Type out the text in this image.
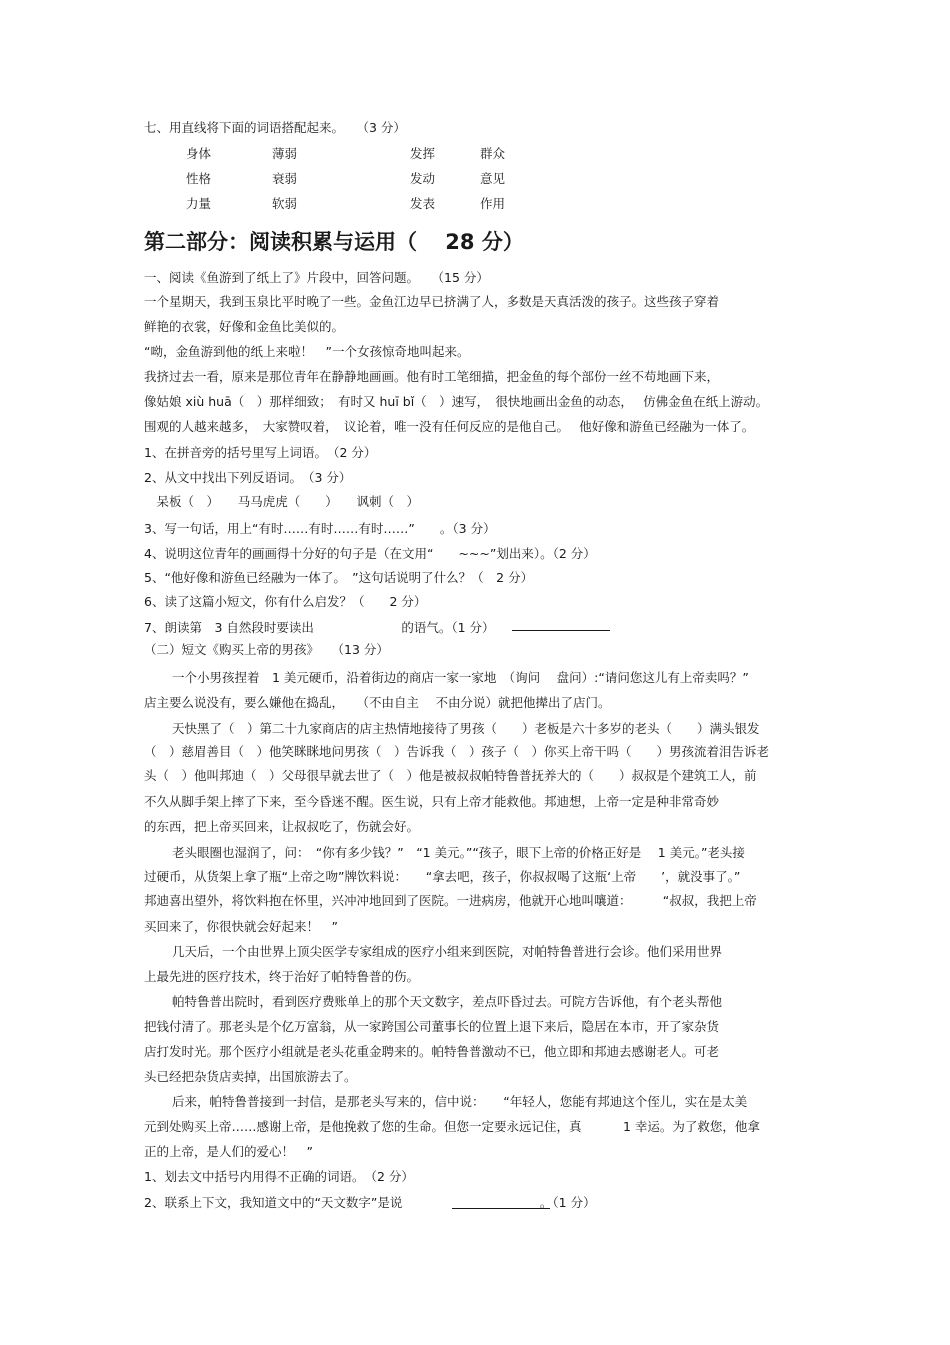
七、用直线将下面的词语搭配起来。　　（3 分）
身体	薄弱	发挥	群众
性格	衰弱	发动	意见
力量	软弱	发表	作用
第二部分：阅读积累与运用（　 28 分）
一、阅读《鱼游到了纸上了》片段中，回答问题。　　（15 分）
一个星期天，我到玉泉比平时晚了一些。金鱼江边早已挤满了人，多数是天真活泼的孩子。这些孩子穿着
鲜艳的衣裳，好像和金鱼比美似的。
“呦，金鱼游到他的纸上来啦！　”一个女孩惊奇地叫起来。
我挤过去一看，原来是那位青年在静静地画画。他有时工笔细描，把金鱼的每个部份一丝不苟地画下来，
像姑娘 xiù huā（　）那样细致；　有时又 huī bǐ（　）速写，　很快地画出金鱼的动态，　 仿佛金鱼在纸上游动。
围观的人越来越多，　大家赞叹着，　议论着，唯一没有任何反应的是他自己。　 他好像和游鱼已经融为一体了。
1、在拼音旁的括号里写上词语。　（2 分）
2、从文中找出下列反语词。　（3 分）
　呆板（　）　　马马虎虎（　　）　　讽刺（　）
3、写一句话，用上“有时……有时……有时……”　　。（3 分）
4、说明这位青年的画画得十分好的句子是（在文用“　　~~~”划出来）。（2 分）
5、“他好像和游鱼已经融为一体了。　”这句话说明了什么？（　2 分）
6、读了这篇小短文，你有什么启发？（　　2 分）
7、朗读第　3 自然段时要读出　　　　　　　的语气。（1 分）
（二）短文《购买上帝的男孩》　　（13 分）
一个小男孩捏着　1 美元硬币，沿着街边的商店一家一家地　（询问　 盘问）:“请问您这儿有上帝卖吗？”
店主要么说没有，要么嫌他在捣乱，　　（不由自主　 不由分说）就把他撵出了店门。
天快黑了（　）第二十九家商店的店主热情地接待了男孩（　　）老板是六十多岁的老头（　　）满头银发
（　）慈眉善目（　）他笑眯眯地问男孩（　）告诉我（　）孩子（　）你买上帝干吗（　　）男孩流着泪告诉老
头（　）他叫邦迪（　）父母很早就去世了（　）他是被叔叔帕特鲁普抚养大的（　　）叔叔是个建筑工人，前
不久从脚手架上摔了下来，至今昏迷不醒。医生说，只有上帝才能救他。邦迪想，上帝一定是种非常奇妙
的东西，把上帝买回来，让叔叔吃了，伤就会好。
老头眼圈也湿润了，问：　“你有多少钱？”　“1 美元。”“孩子，眼下上帝的价格正好是　 1 美元。”老头接
过硬币，从货架上拿了瓶“上帝之吻”牌饮料说：　　“拿去吧，孩子，你叔叔喝了这瓶‘上帝　　’，就没事了。”
邦迪喜出望外，将饮料抱在怀里，兴冲冲地回到了医院。一进病房，他就开心地叫嚷道：　　　“叔叔，我把上帝
买回来了，你很快就会好起来！　”
几天后，一个由世界上顶尖医学专家组成的医疗小组来到医院，对帕特鲁普进行会诊。他们采用世界
上最先进的医疗技术，终于治好了帕特鲁普的伤。
帕特鲁普出院时，看到医疗费账单上的那个天文数字，差点吓昏过去。可院方告诉他，有个老头帮他
把钱付清了。那老头是个亿万富翁，从一家跨国公司董事长的位置上退下来后，隐居在本市，开了家杂货
店打发时光。那个医疗小组就是老头花重金聘来的。帕特鲁普激动不已，他立即和邦迪去感谢老人。可老
头已经把杂货店卖掉，出国旅游去了。
后来，帕特鲁普接到一封信，是那老头写来的，信中说：　　“年轻人，您能有邦迪这个侄儿，实在是太美
元到处购买上帝……感谢上帝，是他挽救了您的生命。但您一定要永远记住，真　　　 1 幸运。为了救您，他拿
正的上帝，是人们的爱心！　”
1、划去文中括号内用得不正确的词语。　（2 分）
2、联系上下文，我知道文中的“天文数字”是说　　　　　　　　　　　。（1 分）
